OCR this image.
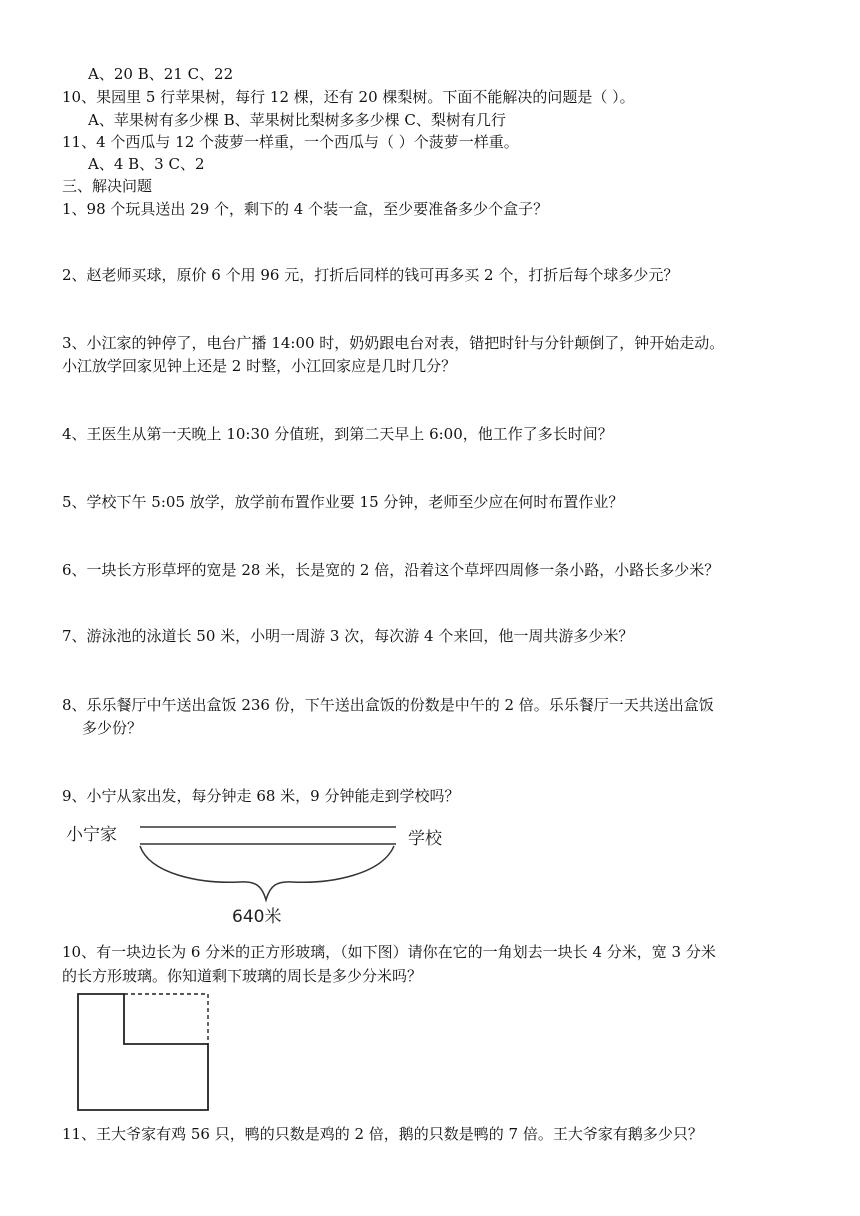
A、20 B、21 C、22
10、果园里 5 行苹果树，每行 12 棵，还有 20 棵梨树。下面不能解决的问题是（ ）。
A、苹果树有多少棵 B、苹果树比梨树多多少棵 C、梨树有几行
11、4 个西瓜与 12 个菠萝一样重，一个西瓜与（ ）个菠萝一样重。
A、4 B、3 C、2
三、解决问题
1、98 个玩具送出 29 个，剩下的 4 个装一盒，至少要准备多少个盒子？
2、赵老师买球，原价 6 个用 96 元，打折后同样的钱可再多买 2 个，打折后每个球多少元？
3、小江家的钟停了，电台广播 14:00 时，奶奶跟电台对表，错把时针与分针颠倒了，钟开始走动。
小江放学回家见钟上还是 2 时整，小江回家应是几时几分？
4、王医生从第一天晚上 10:30 分值班，到第二天早上 6:00，他工作了多长时间？
5、学校下午 5:05 放学，放学前布置作业要 15 分钟，老师至少应在何时布置作业？
6、一块长方形草坪的宽是 28 米，长是宽的 2 倍，沿着这个草坪四周修一条小路，小路长多少米？
7、游泳池的泳道长 50 米，小明一周游 3 次，每次游 4 个来回，他一周共游多少米？
8、乐乐餐厅中午送出盒饭 236 份，下午送出盒饭的份数是中午的 2 倍。乐乐餐厅一天共送出盒饭
多少份？
9、小宁从家出发，每分钟走 68 米，9 分钟能走到学校吗？
小宁家	学校
640米
10、有一块边长为 6 分米的正方形玻璃，（如下图）请你在它的一角划去一块长 4 分米，宽 3 分米
的长方形玻璃。你知道剩下玻璃的周长是多少分米吗？
11、王大爷家有鸡 56 只，鸭的只数是鸡的 2 倍，鹅的只数是鸭的 7 倍。王大爷家有鹅多少只？
